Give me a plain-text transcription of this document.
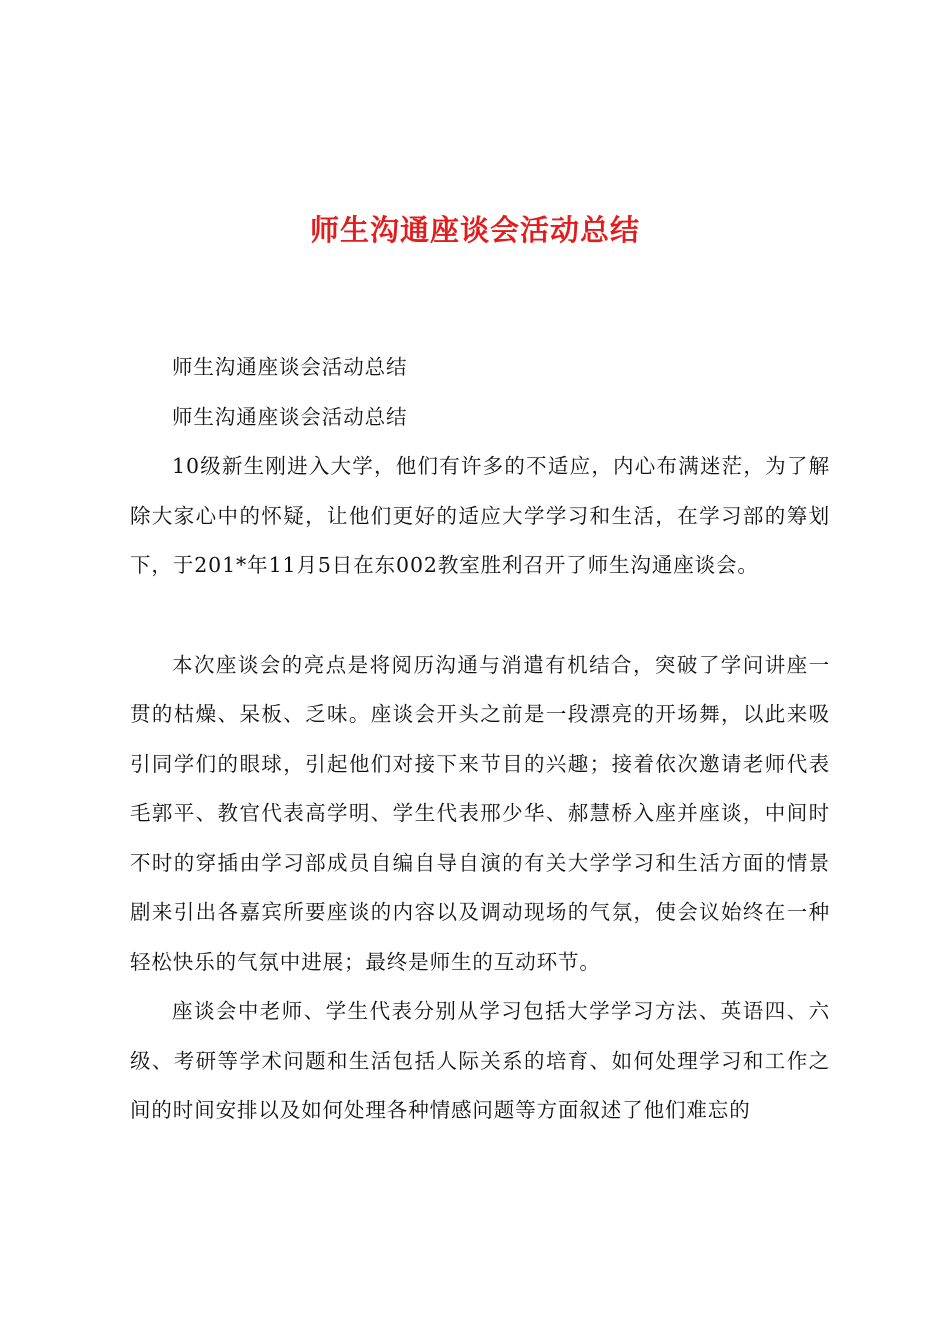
师生沟通座谈会活动总结

师生沟通座谈会活动总结

师生沟通座谈会活动总结

10级新生刚进入大学，他们有许多的不适应，内心布满迷茫，为了解除大家心中的怀疑，让他们更好的适应大学学习和生活，在学习部的筹划下，于201*年11月5日在东002教室胜利召开了师生沟通座谈会。

本次座谈会的亮点是将阅历沟通与消遣有机结合，突破了学问讲座一贯的枯燥、呆板、乏味。座谈会开头之前是一段漂亮的开场舞，以此来吸引同学们的眼球，引起他们对接下来节目的兴趣；接着依次邀请老师代表毛郭平、教官代表高学明、学生代表邢少华、郝慧桥入座并座谈，中间时不时的穿插由学习部成员自编自导自演的有关大学学习和生活方面的情景剧来引出各嘉宾所要座谈的内容以及调动现场的气氛，使会议始终在一种轻松快乐的气氛中进展；最终是师生的互动环节。

座谈会中老师、学生代表分别从学习包括大学学习方法、英语四、六级、考研等学术问题和生活包括人际关系的培育、如何处理学习和工作之间的时间安排以及如何处理各种情感问题等方面叙述了他们难忘的
